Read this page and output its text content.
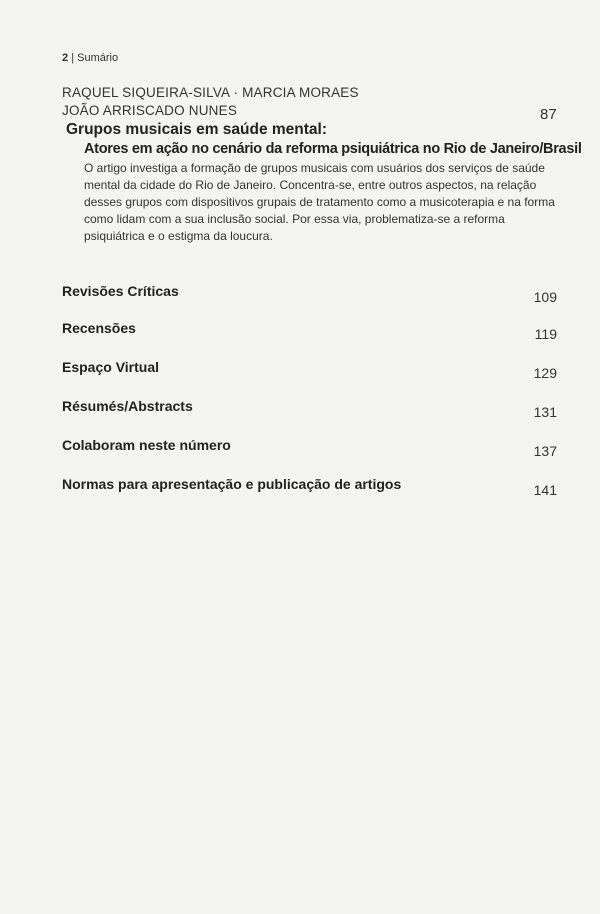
2 | Sumário
RAQUEL SIQUEIRA-SILVA · MARCIA MORAES
JOÃO ARRISCADO NUNES	87
Grupos musicais em saúde mental:
Atores em ação no cenário da reforma psiquiátrica no Rio de Janeiro/Brasil
O artigo investiga a formação de grupos musicais com usuários dos serviços de saúde mental da cidade do Rio de Janeiro. Concentra-se, entre outros aspectos, na relação desses grupos com dispositivos grupais de tratamento como a musicoterapia e na forma como lidam com a sua inclusão social. Por essa via, problematiza-se a reforma psiquiátrica e o estigma da loucura.
Revisões Críticas	109
Recensões	119
Espaço Virtual	129
Résumés/Abstracts	131
Colaboram neste número	137
Normas para apresentação e publicação de artigos	141
